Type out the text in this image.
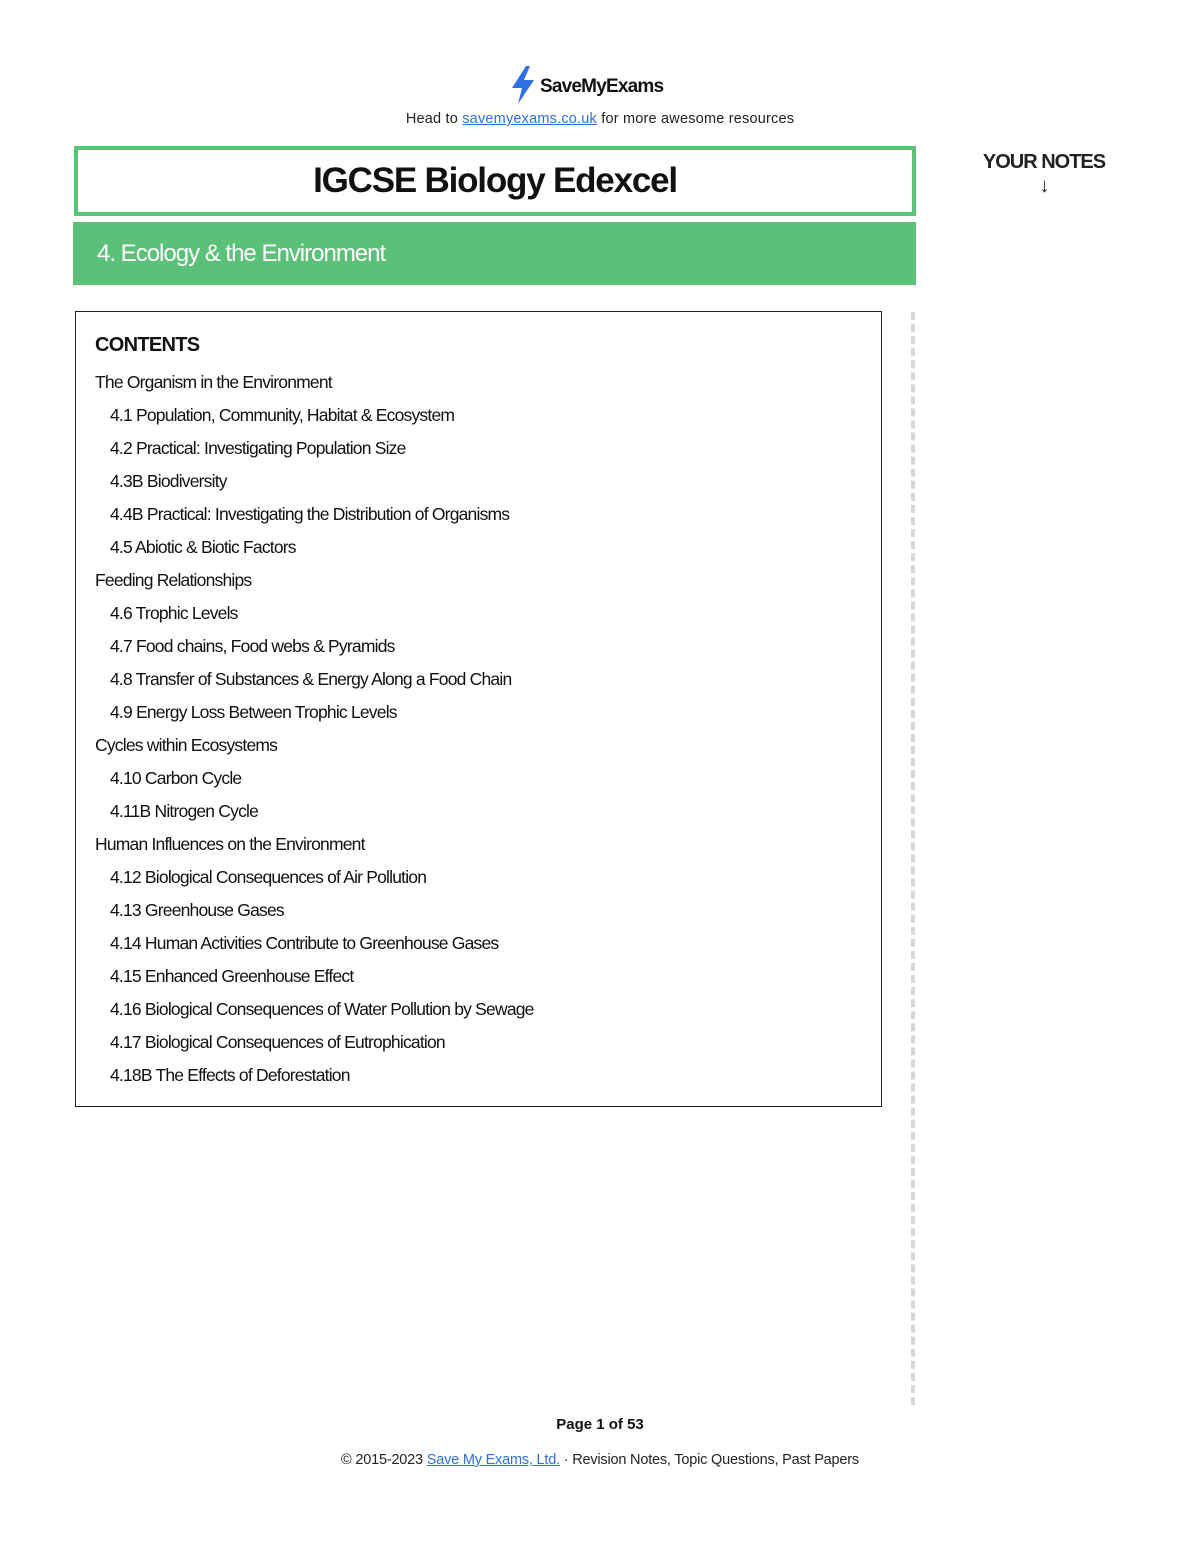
SaveMyExams
Head to savemyexams.co.uk for more awesome resources
IGCSE Biology Edexcel
4. Ecology & the Environment
YOUR NOTES
↓
CONTENTS
The Organism in the Environment
4.1 Population, Community, Habitat & Ecosystem
4.2 Practical: Investigating Population Size
4.3B Biodiversity
4.4B Practical: Investigating the Distribution of Organisms
4.5 Abiotic & Biotic Factors
Feeding Relationships
4.6 Trophic Levels
4.7 Food chains, Food webs & Pyramids
4.8 Transfer of Substances & Energy Along a Food Chain
4.9 Energy Loss Between Trophic Levels
Cycles within Ecosystems
4.10 Carbon Cycle
4.11B Nitrogen Cycle
Human Influences on the Environment
4.12 Biological Consequences of Air Pollution
4.13 Greenhouse Gases
4.14 Human Activities Contribute to Greenhouse Gases
4.15 Enhanced Greenhouse Effect
4.16 Biological Consequences of Water Pollution by Sewage
4.17 Biological Consequences of Eutrophication
4.18B The Effects of Deforestation
Page 1 of 53
© 2015-2023 Save My Exams, Ltd. · Revision Notes, Topic Questions, Past Papers
